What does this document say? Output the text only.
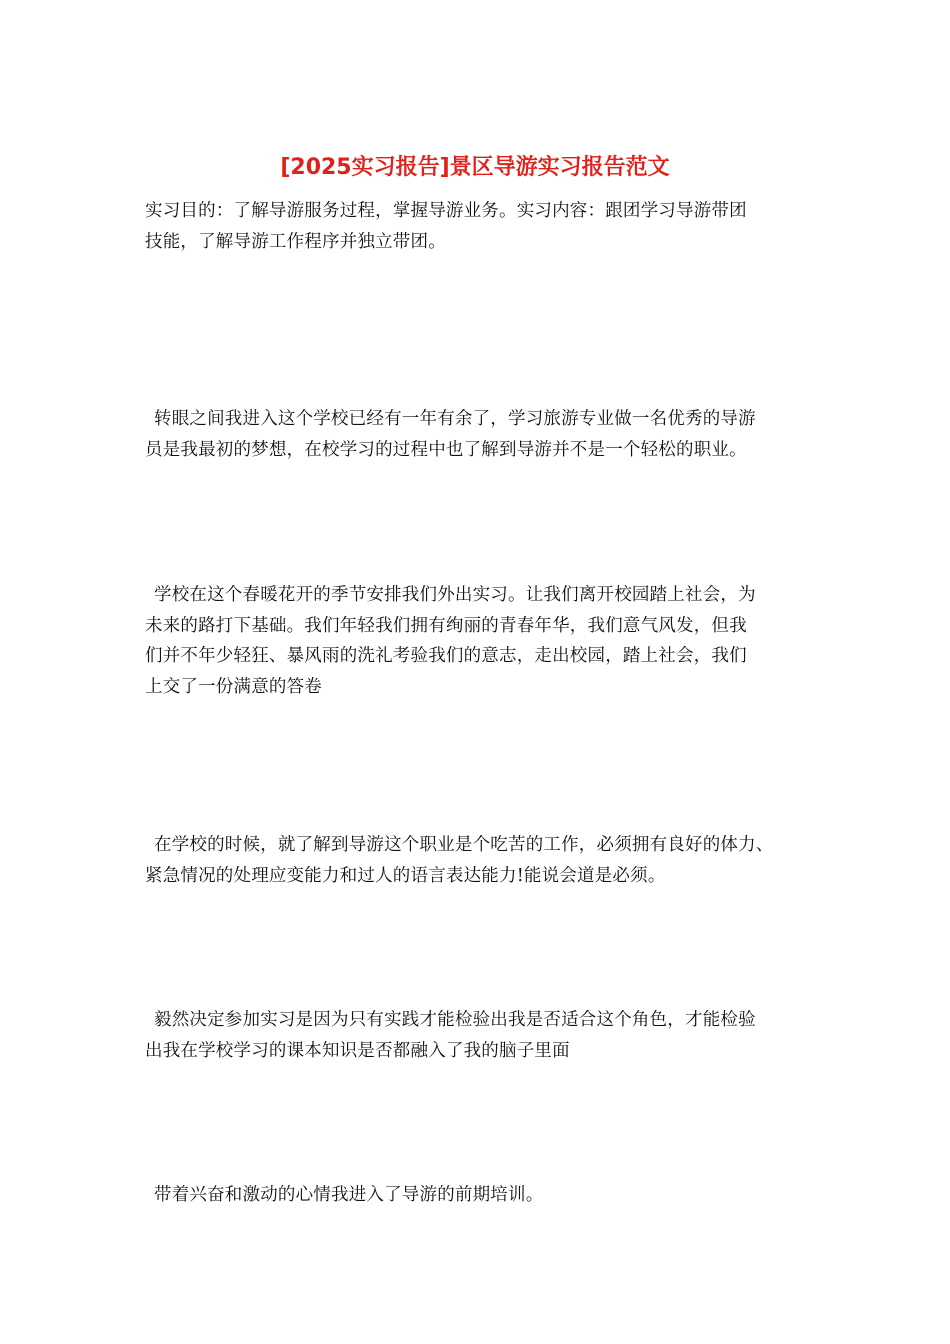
[2025实习报告]景区导游实习报告范文

实习目的：了解导游服务过程，掌握导游业务。实习内容：跟团学习导游带团
技能，了解导游工作程序并独立带团。

转眼之间我进入这个学校已经有一年有余了，学习旅游专业做一名优秀的导游
员是我最初的梦想，在校学习的过程中也了解到导游并不是一个轻松的职业。

学校在这个春暖花开的季节安排我们外出实习。让我们离开校园踏上社会，为
未来的路打下基础。我们年轻我们拥有绚丽的青春年华，我们意气风发，但我
们并不年少轻狂、暴风雨的洗礼考验我们的意志，走出校园，踏上社会，我们
上交了一份满意的答卷

在学校的时候，就了解到导游这个职业是个吃苦的工作，必须拥有良好的体力、
紧急情况的处理应变能力和过人的语言表达能力!能说会道是必须。

毅然决定参加实习是因为只有实践才能检验出我是否适合这个角色，才能检验
出我在学校学习的课本知识是否都融入了我的脑子里面

带着兴奋和激动的心情我进入了导游的前期培训。
